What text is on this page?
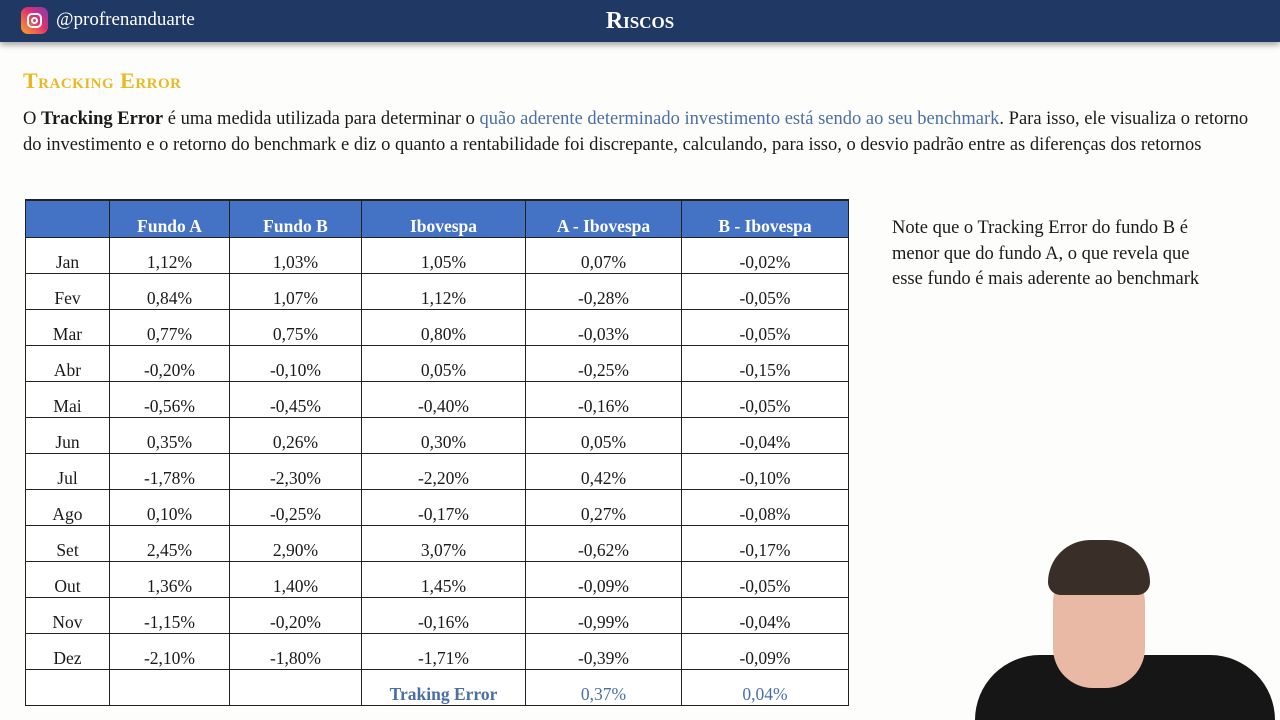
@profrenanduarte	Riscos
Tracking Error
O Tracking Error é uma medida utilizada para determinar o quão aderente determinado investimento está sendo ao seu benchmark. Para isso, ele visualiza o retorno do investimento e o retorno do benchmark e diz o quanto a rentabilidade foi discrepante, calculando, para isso, o desvio padrão entre as diferenças dos retornos
	Fundo A	Fundo B	Ibovespa	A - Ibovespa	B - Ibovespa
Jan	1,12%	1,03%	1,05%	0,07%	-0,02%
Fev	0,84%	1,07%	1,12%	-0,28%	-0,05%
Mar	0,77%	0,75%	0,80%	-0,03%	-0,05%
Abr	-0,20%	-0,10%	0,05%	-0,25%	-0,15%
Mai	-0,56%	-0,45%	-0,40%	-0,16%	-0,05%
Jun	0,35%	0,26%	0,30%	0,05%	-0,04%
Jul	-1,78%	-2,30%	-2,20%	0,42%	-0,10%
Ago	0,10%	-0,25%	-0,17%	0,27%	-0,08%
Set	2,45%	2,90%	3,07%	-0,62%	-0,17%
Out	1,36%	1,40%	1,45%	-0,09%	-0,05%
Nov	-1,15%	-0,20%	-0,16%	-0,99%	-0,04%
Dez	-2,10%	-1,80%	-1,71%	-0,39%	-0,09%
			Traking Error	0,37%	0,04%
Note que o Tracking Error do fundo B é menor que do fundo A, o que revela que esse fundo é mais aderente ao benchmark
